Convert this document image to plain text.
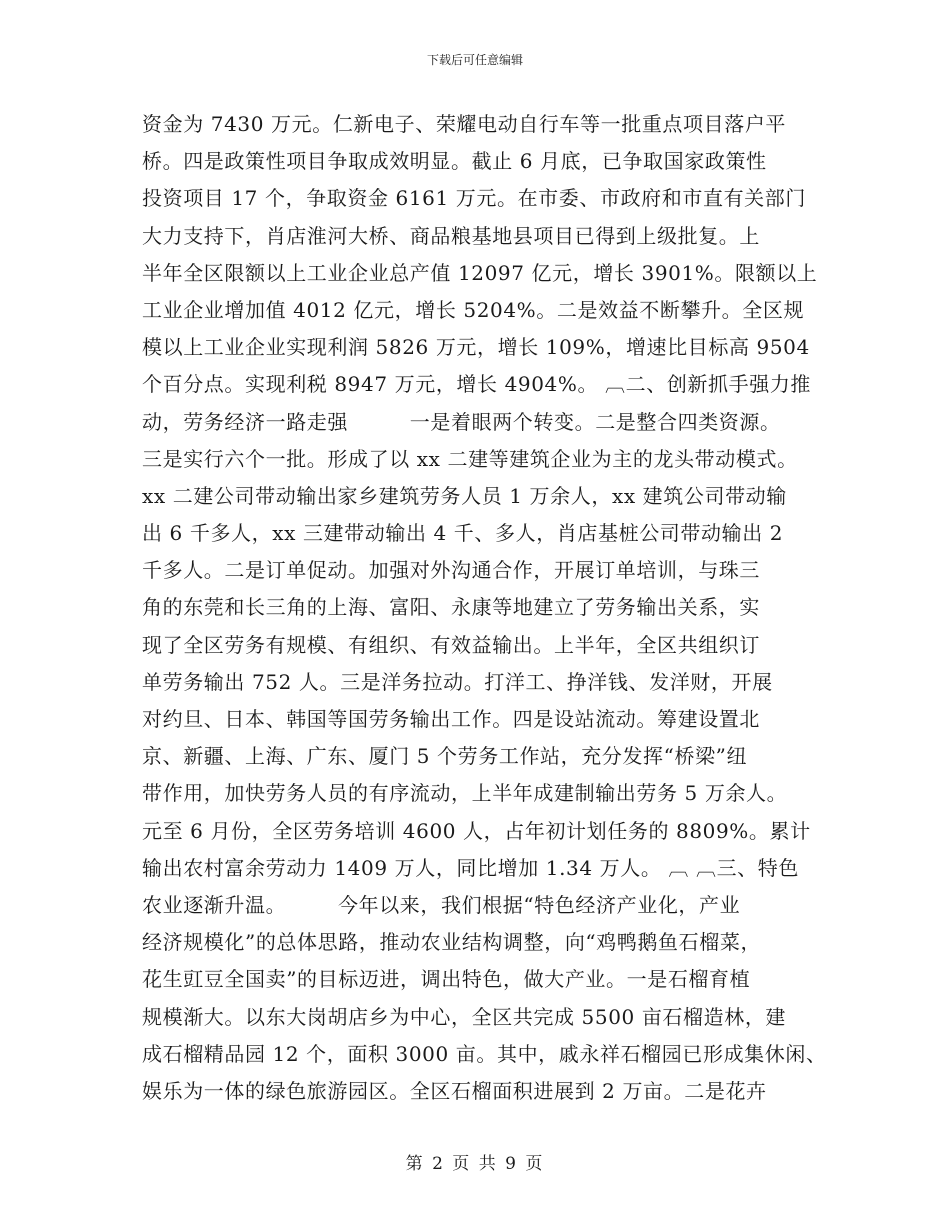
下载后可任意编辑
资金为 7430 万元。仁新电子、荣耀电动自行车等一批重点项目落户平
桥。四是政策性项目争取成效明显。截止 6 月底，已争取国家政策性
投资项目 17 个，争取资金 6161 万元。在市委、市政府和市直有关部门
大力支持下，肖店淮河大桥、商品粮基地县项目已得到上级批复。上
半年全区限额以上工业企业总产值 12097 亿元，增长 3901%。限额以上
工业企业增加值 4012 亿元，增长 5204%。二是效益不断攀升。全区规
模以上工业企业实现利润 5826 万元，增长 109%，增速比目标高 9504
个百分点。实现利税 8947 万元，增长 4904%。 ︹二、创新抓手强力推
动，劳务经济一路走强　　　一是着眼两个转变。二是整合四类资源。
三是实行六个一批。形成了以 xx 二建等建筑企业为主的龙头带动模式。
xx 二建公司带动输出家乡建筑劳务人员 1 万余人，xx 建筑公司带动输
出 6 千多人，xx 三建带动输出 4 千、多人，肖店基桩公司带动输出 2
千多人。二是订单促动。加强对外沟通合作，开展订单培训，与珠三
角的东莞和长三角的上海、富阳、永康等地建立了劳务输出关系，实
现了全区劳务有规模、有组织、有效益输出。上半年，全区共组织订
单劳务输出 752 人。三是洋务拉动。打洋工、挣洋钱、发洋财，开展
对约旦、日本、韩国等国劳务输出工作。四是设站流动。筹建设置北
京、新疆、上海、广东、厦门 5 个劳务工作站，充分发挥“桥梁”纽
带作用，加快劳务人员的有序流动，上半年成建制输出劳务 5 万余人。
元至 6 月份，全区劳务培训 4600 人，占年初计划任务的 8809%。累计
输出农村富余劳动力 1409 万人，同比增加 1.34 万人。 ︹ ︹三、特色
农业逐渐升温。　　　今年以来，我们根据“特色经济产业化，产业
经济规模化”的总体思路，推动农业结构调整，向“鸡鸭鹅鱼石榴菜，
花生豇豆全国卖”的目标迈进，调出特色，做大产业。一是石榴育植
规模渐大。以东大岗胡店乡为中心，全区共完成 5500 亩石榴造林，建
成石榴精品园 12 个，面积 3000 亩。其中，戚永祥石榴园已形成集休闲、
娱乐为一体的绿色旅游园区。全区石榴面积进展到 2 万亩。二是花卉
第 2 页 共 9 页
